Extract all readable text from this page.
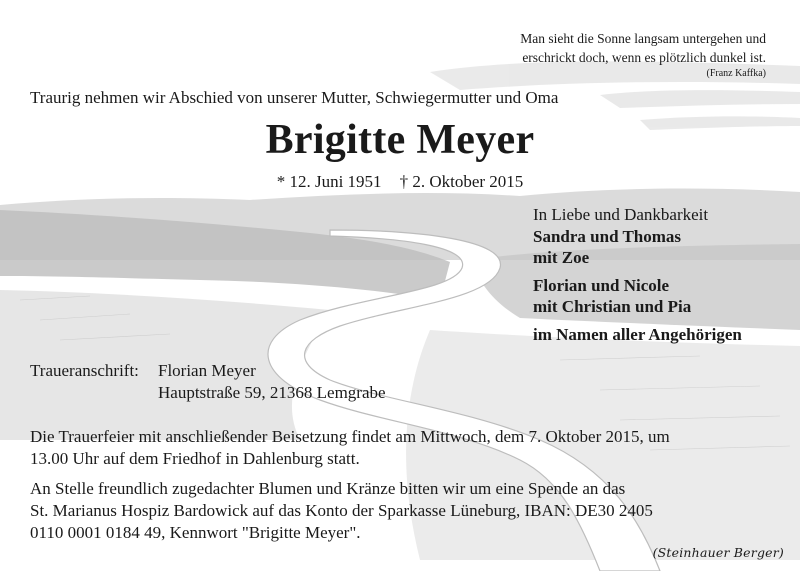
Man sieht die Sonne langsam untergehen und
erschrickt doch, wenn es plötzlich dunkel ist.
(Franz Kaffka)
Traurig nehmen wir Abschied von unserer Mutter, Schwiegermutter und Oma
Brigitte Meyer
* 12. Juni 1951 † 2. Oktober 2015
In Liebe und Dankbarkeit
Sandra und Thomas
mit Zoe
Florian und Nicole
mit Christian und Pia
im Namen aller Angehörigen
Traueranschrift: Florian Meyer
Hauptstraße 59, 21368 Lemgrabe
Die Trauerfeier mit anschließender Beisetzung findet am Mittwoch, dem 7. Oktober 2015, um
13.00 Uhr auf dem Friedhof in Dahlenburg statt.
An Stelle freundlich zugedachter Blumen und Kränze bitten wir um eine Spende an das
St. Marianus Hospiz Bardowick auf das Konto der Sparkasse Lüneburg, IBAN: DE30 2405
0110 0001 0184 49, Kennwort "Brigitte Meyer".
(Steinhauer Berger)
